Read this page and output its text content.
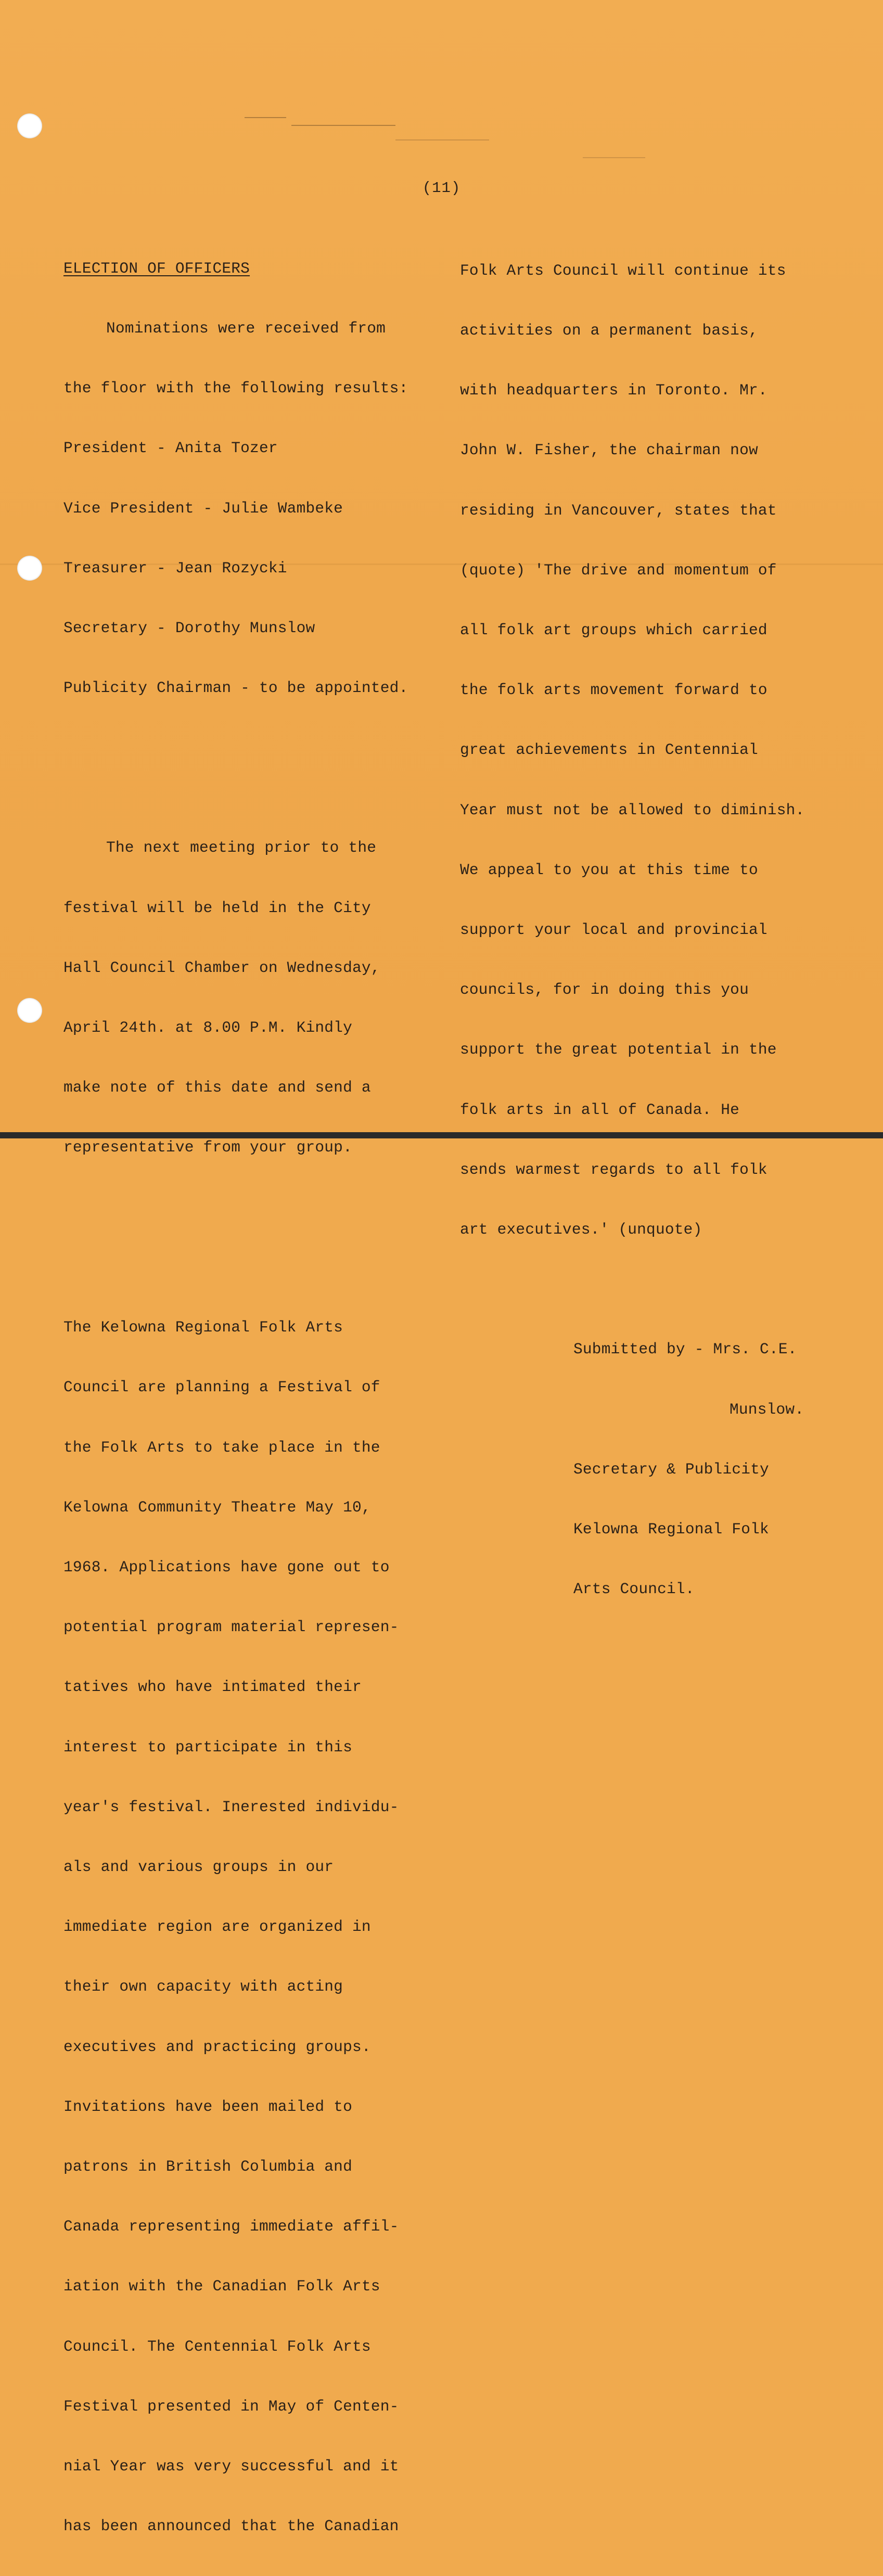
(11)

ELECTION OF OFFICERS

Nominations were received from

the floor with the following results:

President - Anita Tozer

Vice President - Julie Wambeke

Treasurer - Jean Rozycki

Secretary - Dorothy Munslow

Publicity Chairman - to be appointed.

The next meeting prior to the

festival will be held in the City

Hall Council Chamber on Wednesday,

April 24th. at 8.00 P.M. Kindly

make note of this date and send a

representative from your group.

The Kelowna Regional Folk Arts

Council are planning a Festival of

the Folk Arts to take place in the

Kelowna Community Theatre May 10,

1968. Applications have gone out to

potential program material represen-

tatives who have intimated their

interest to participate in this

year's festival. Inerested individu-

als and various groups in our

immediate region are organized in

their own capacity with acting

executives and practicing groups.

Invitations have been mailed to

patrons in British Columbia and

Canada representing immediate affil-

iation with the Canadian Folk Arts

Council. The Centennial Folk Arts

Festival presented in May of Centen-

nial Year was very successful and it

has been announced that the Canadian

Folk Arts Council will continue its

activities on a permanent basis,

with headquarters in Toronto. Mr.

John W. Fisher, the chairman now

residing in Vancouver, states that

(quote) 'The drive and momentum of

all folk art groups which carried

the folk arts movement forward to

great achievements in Centennial

Year must not be allowed to diminish.

We appeal to you at this time to

support your local and provincial

councils, for in doing this you

support the great potential in the

folk arts in all of Canada. He

sends warmest regards to all folk

art executives.' (unquote)

Submitted by - Mrs. C.E.

Munslow.

Secretary & Publicity

Kelowna Regional Folk

Arts Council.
